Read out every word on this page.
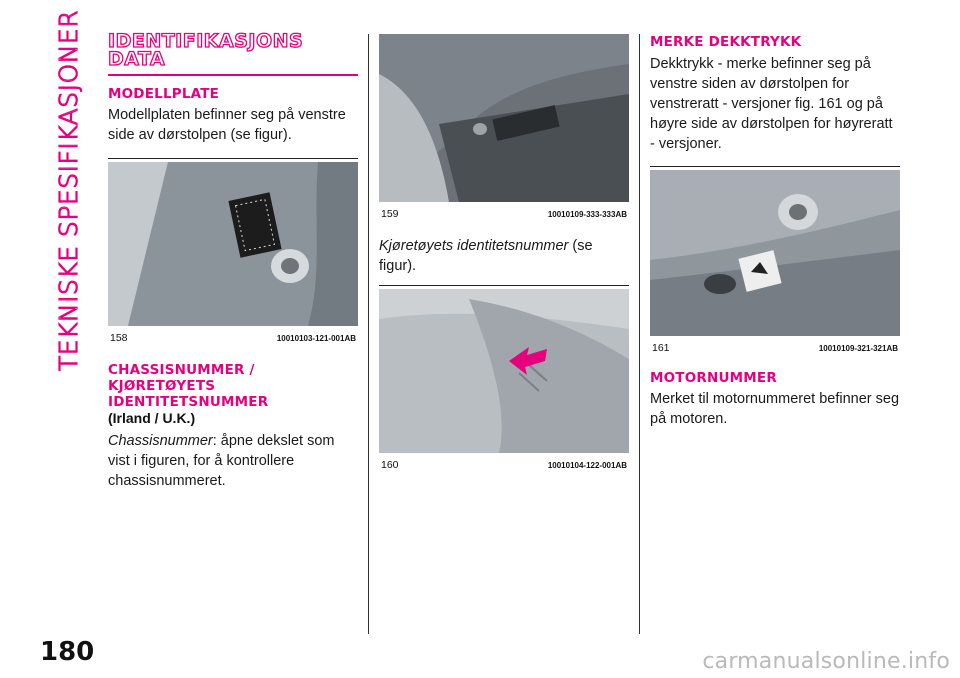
TEKNISKE SPESIFIKASJONER IDENTIFIKASJONS DATA
MODELLPLATE

Modellplaten befinner seg på venstre side av dørstolpen (se figur).

158	10010103-121-001AB
CHASSISNUMMER / KJØRETØYETS IDENTITETSNUMMER
(Irland / U.K.)

Chassisnummer: åpne dekslet som vist i figuren, for å kontrollere chassisnummeret.

159	10010109-333-333AB

Kjøretøyets identitetsnummer (se figur).

160	10010104-122-001AB
MERKE DEKKTRYKK

Dekktrykk - merke befinner seg på venstre siden av dørstolpen for venstreratt - versjoner fig. 161 og på høyre side av dørstolpen for høyreratt - versjoner.

161	10010109-321-321AB
MOTORNUMMER

Merket til motornummeret befinner seg på motoren.

180	carmanualsonline.info
